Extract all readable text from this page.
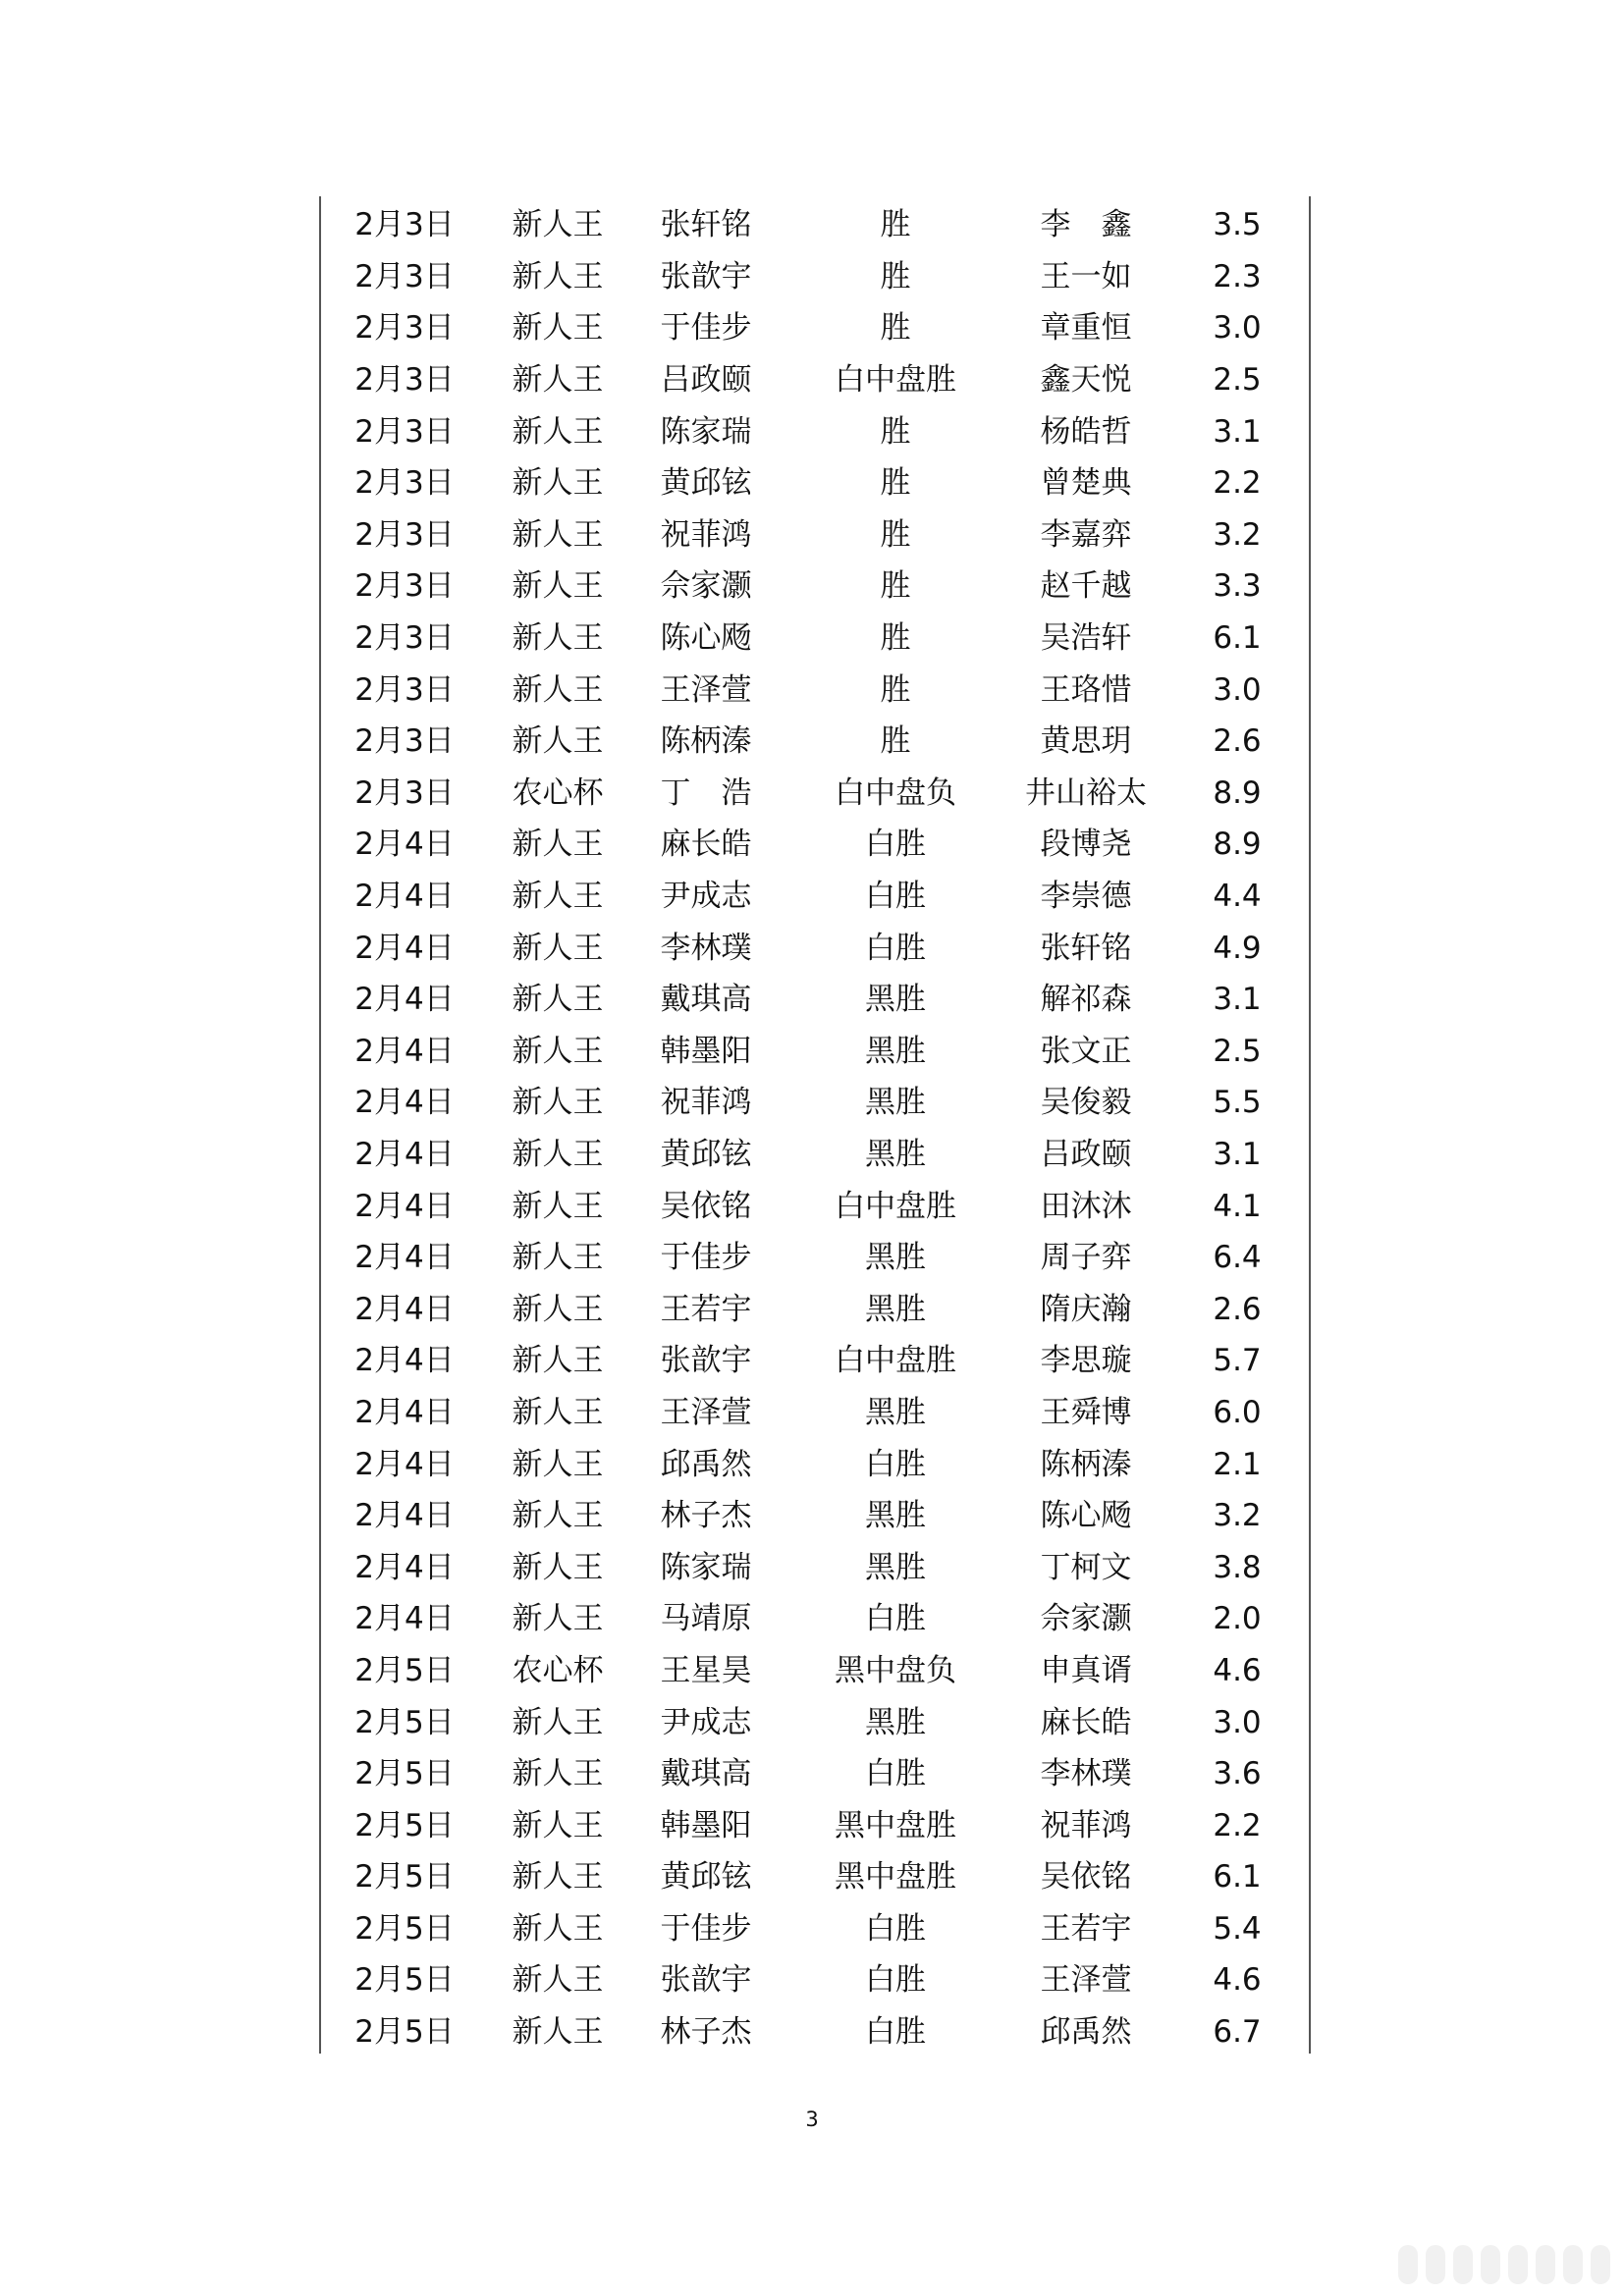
2月3日	新人王	张轩铭	胜	李　鑫	3.5
2月3日	新人王	张歆宇	胜	王一如	2.3
2月3日	新人王	于佳步	胜	章重恒	3.0
2月3日	新人王	吕政颐	白中盘胜	鑫天悦	2.5
2月3日	新人王	陈家瑞	胜	杨皓哲	3.1
2月3日	新人王	黄邱铉	胜	曾楚典	2.2
2月3日	新人王	祝菲鸿	胜	李嘉弈	3.2
2月3日	新人王	佘家灏	胜	赵千越	3.3
2月3日	新人王	陈心飏	胜	吴浩轩	6.1
2月3日	新人王	王泽萱	胜	王珞惜	3.0
2月3日	新人王	陈柄溱	胜	黄思玥	2.6
2月3日	农心杯	丁　浩	白中盘负	井山裕太	8.9
2月4日	新人王	麻长皓	白胜	段博尧	8.9
2月4日	新人王	尹成志	白胜	李崇德	4.4
2月4日	新人王	李林璞	白胜	张轩铭	4.9
2月4日	新人王	戴琪高	黑胜	解祁森	3.1
2月4日	新人王	韩墨阳	黑胜	张文正	2.5
2月4日	新人王	祝菲鸿	黑胜	吴俊毅	5.5
2月4日	新人王	黄邱铉	黑胜	吕政颐	3.1
2月4日	新人王	吴依铭	白中盘胜	田沐沐	4.1
2月4日	新人王	于佳步	黑胜	周子弈	6.4
2月4日	新人王	王若宇	黑胜	隋庆瀚	2.6
2月4日	新人王	张歆宇	白中盘胜	李思璇	5.7
2月4日	新人王	王泽萱	黑胜	王舜博	6.0
2月4日	新人王	邱禹然	白胜	陈柄溱	2.1
2月4日	新人王	林子杰	黑胜	陈心飏	3.2
2月4日	新人王	陈家瑞	黑胜	丁柯文	3.8
2月4日	新人王	马靖原	白胜	佘家灏	2.0
2月5日	农心杯	王星昊	黑中盘负	申真谞	4.6
2月5日	新人王	尹成志	黑胜	麻长皓	3.0
2月5日	新人王	戴琪高	白胜	李林璞	3.6
2月5日	新人王	韩墨阳	黑中盘胜	祝菲鸿	2.2
2月5日	新人王	黄邱铉	黑中盘胜	吴依铭	6.1
2月5日	新人王	于佳步	白胜	王若宇	5.4
2月5日	新人王	张歆宇	白胜	王泽萱	4.6
2月5日	新人王	林子杰	白胜	邱禹然	6.7
3
